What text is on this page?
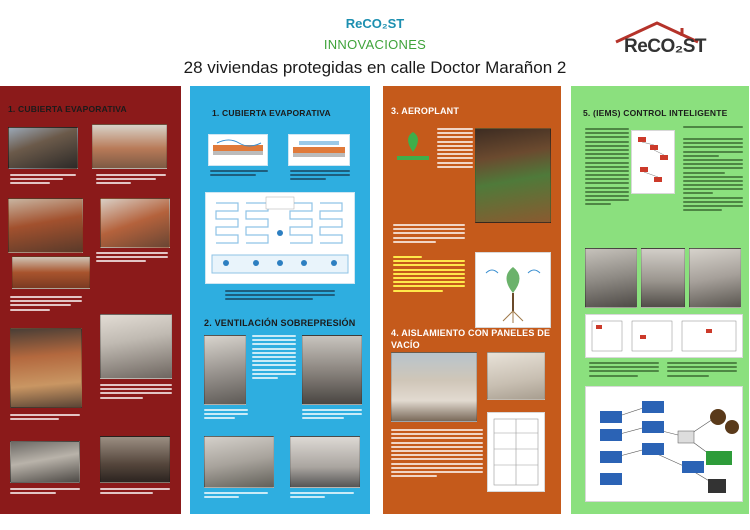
ReCO₂ST
INNOVACIONES
28 viviendas protegidas en calle Doctor Marañon 2
ReCO₂ST
1. CUBIERTA EVAPORATIVA	1. CUBIERTA EVAPORATIVA
2. VENTILACIÓN SOBREPRESIÓN
3. AEROPLANT
4. AISLAMIENTO CON PANELES DE VACÍO
5. (IEMS) CONTROL INTELIGENTE
